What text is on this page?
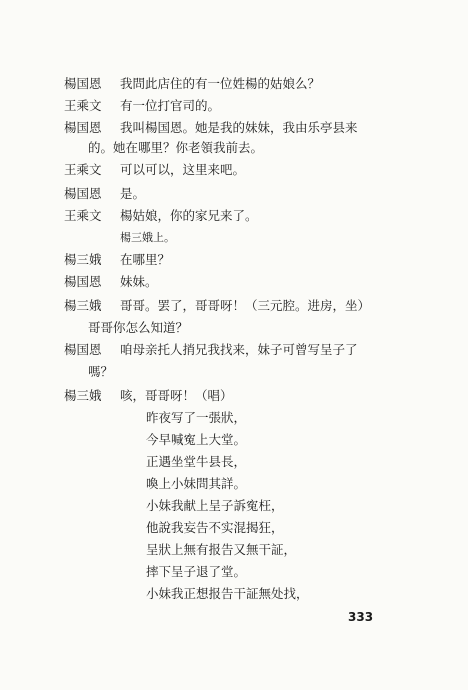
楊国恩	我問此店住的有一位姓楊的姑娘么？
王乘文	有一位打官司的。
楊国恩	我叫楊国恩。她是我的妹妹，我由乐亭县来
的。她在哪里？你老領我前去。
王乘文	可以可以，这里来吧。
楊国恩	是。
王乘文	楊姑娘，你的家兄来了。
楊三娥上。
楊三娥	在哪里？
楊国恩	妹妹。
楊三娥	哥哥。罢了，哥哥呀！（三元腔。进房，坐）
哥哥你怎么知道？
楊国恩	咱母亲托人捎兄我找来，妹子可曾写呈子了
嗎？
楊三娥	咳，哥哥呀！（唱）
昨夜写了一張狀，
今早喊寃上大堂。
正遇坐堂牛县長，
喚上小妹問其詳。
小妹我献上呈子訴寃枉，
他說我妄告不实混揭狂，
呈狀上無有报告又無干証，
摔下呈子退了堂。
小妹我正想报告干証無处找，
333
